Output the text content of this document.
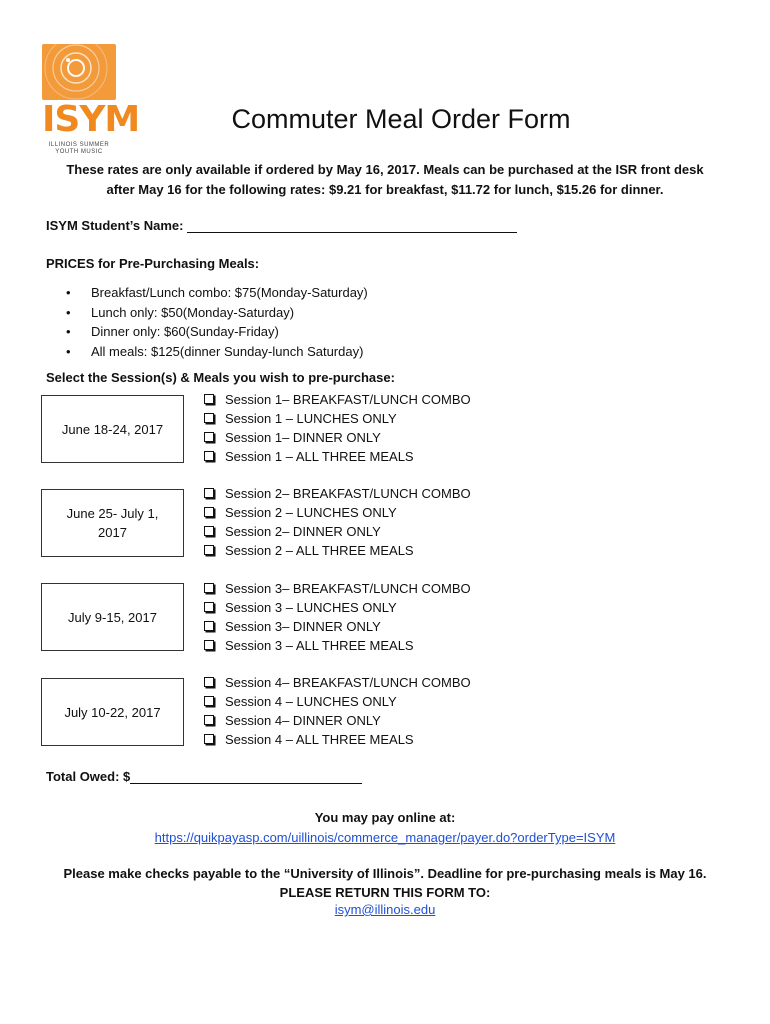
ISYM
ILLINOIS SUMMER
YOUTH MUSIC
Commuter Meal Order Form
These rates are only available if ordered by May 16, 2017. Meals can be purchased at the ISR front desk
after May 16 for the following rates: $9.21 for breakfast, $11.72 for lunch, $15.26 for dinner.
ISYM Student’s Name:
PRICES for Pre-Purchasing Meals:
• Breakfast/Lunch combo: $75(Monday-Saturday)
• Lunch only: $50(Monday-Saturday)
• Dinner only: $60(Sunday-Friday)
• All meals: $125(dinner Sunday-lunch Saturday)
Select the Session(s) & Meals you wish to pre-purchase:
June 18-24, 2017
Session 1– BREAKFAST/LUNCH COMBO
Session 1 – LUNCHES ONLY
Session 1– DINNER ONLY
Session 1 – ALL THREE MEALS
June 25- July 1, 2017
Session 2– BREAKFAST/LUNCH COMBO
Session 2 – LUNCHES ONLY
Session 2– DINNER ONLY
Session 2 – ALL THREE MEALS
July 9-15, 2017
Session 3– BREAKFAST/LUNCH COMBO
Session 3 – LUNCHES ONLY
Session 3– DINNER ONLY
Session 3 – ALL THREE MEALS
July 10-22, 2017
Session 4– BREAKFAST/LUNCH COMBO
Session 4 – LUNCHES ONLY
Session 4– DINNER ONLY
Session 4 – ALL THREE MEALS
Total Owed: $
You may pay online at:
https://quikpayasp.com/uillinois/commerce_manager/payer.do?orderType=ISYM
Please make checks payable to the “University of Illinois”. Deadline for pre-purchasing meals is May 16.
PLEASE RETURN THIS FORM TO:
isym@illinois.edu
